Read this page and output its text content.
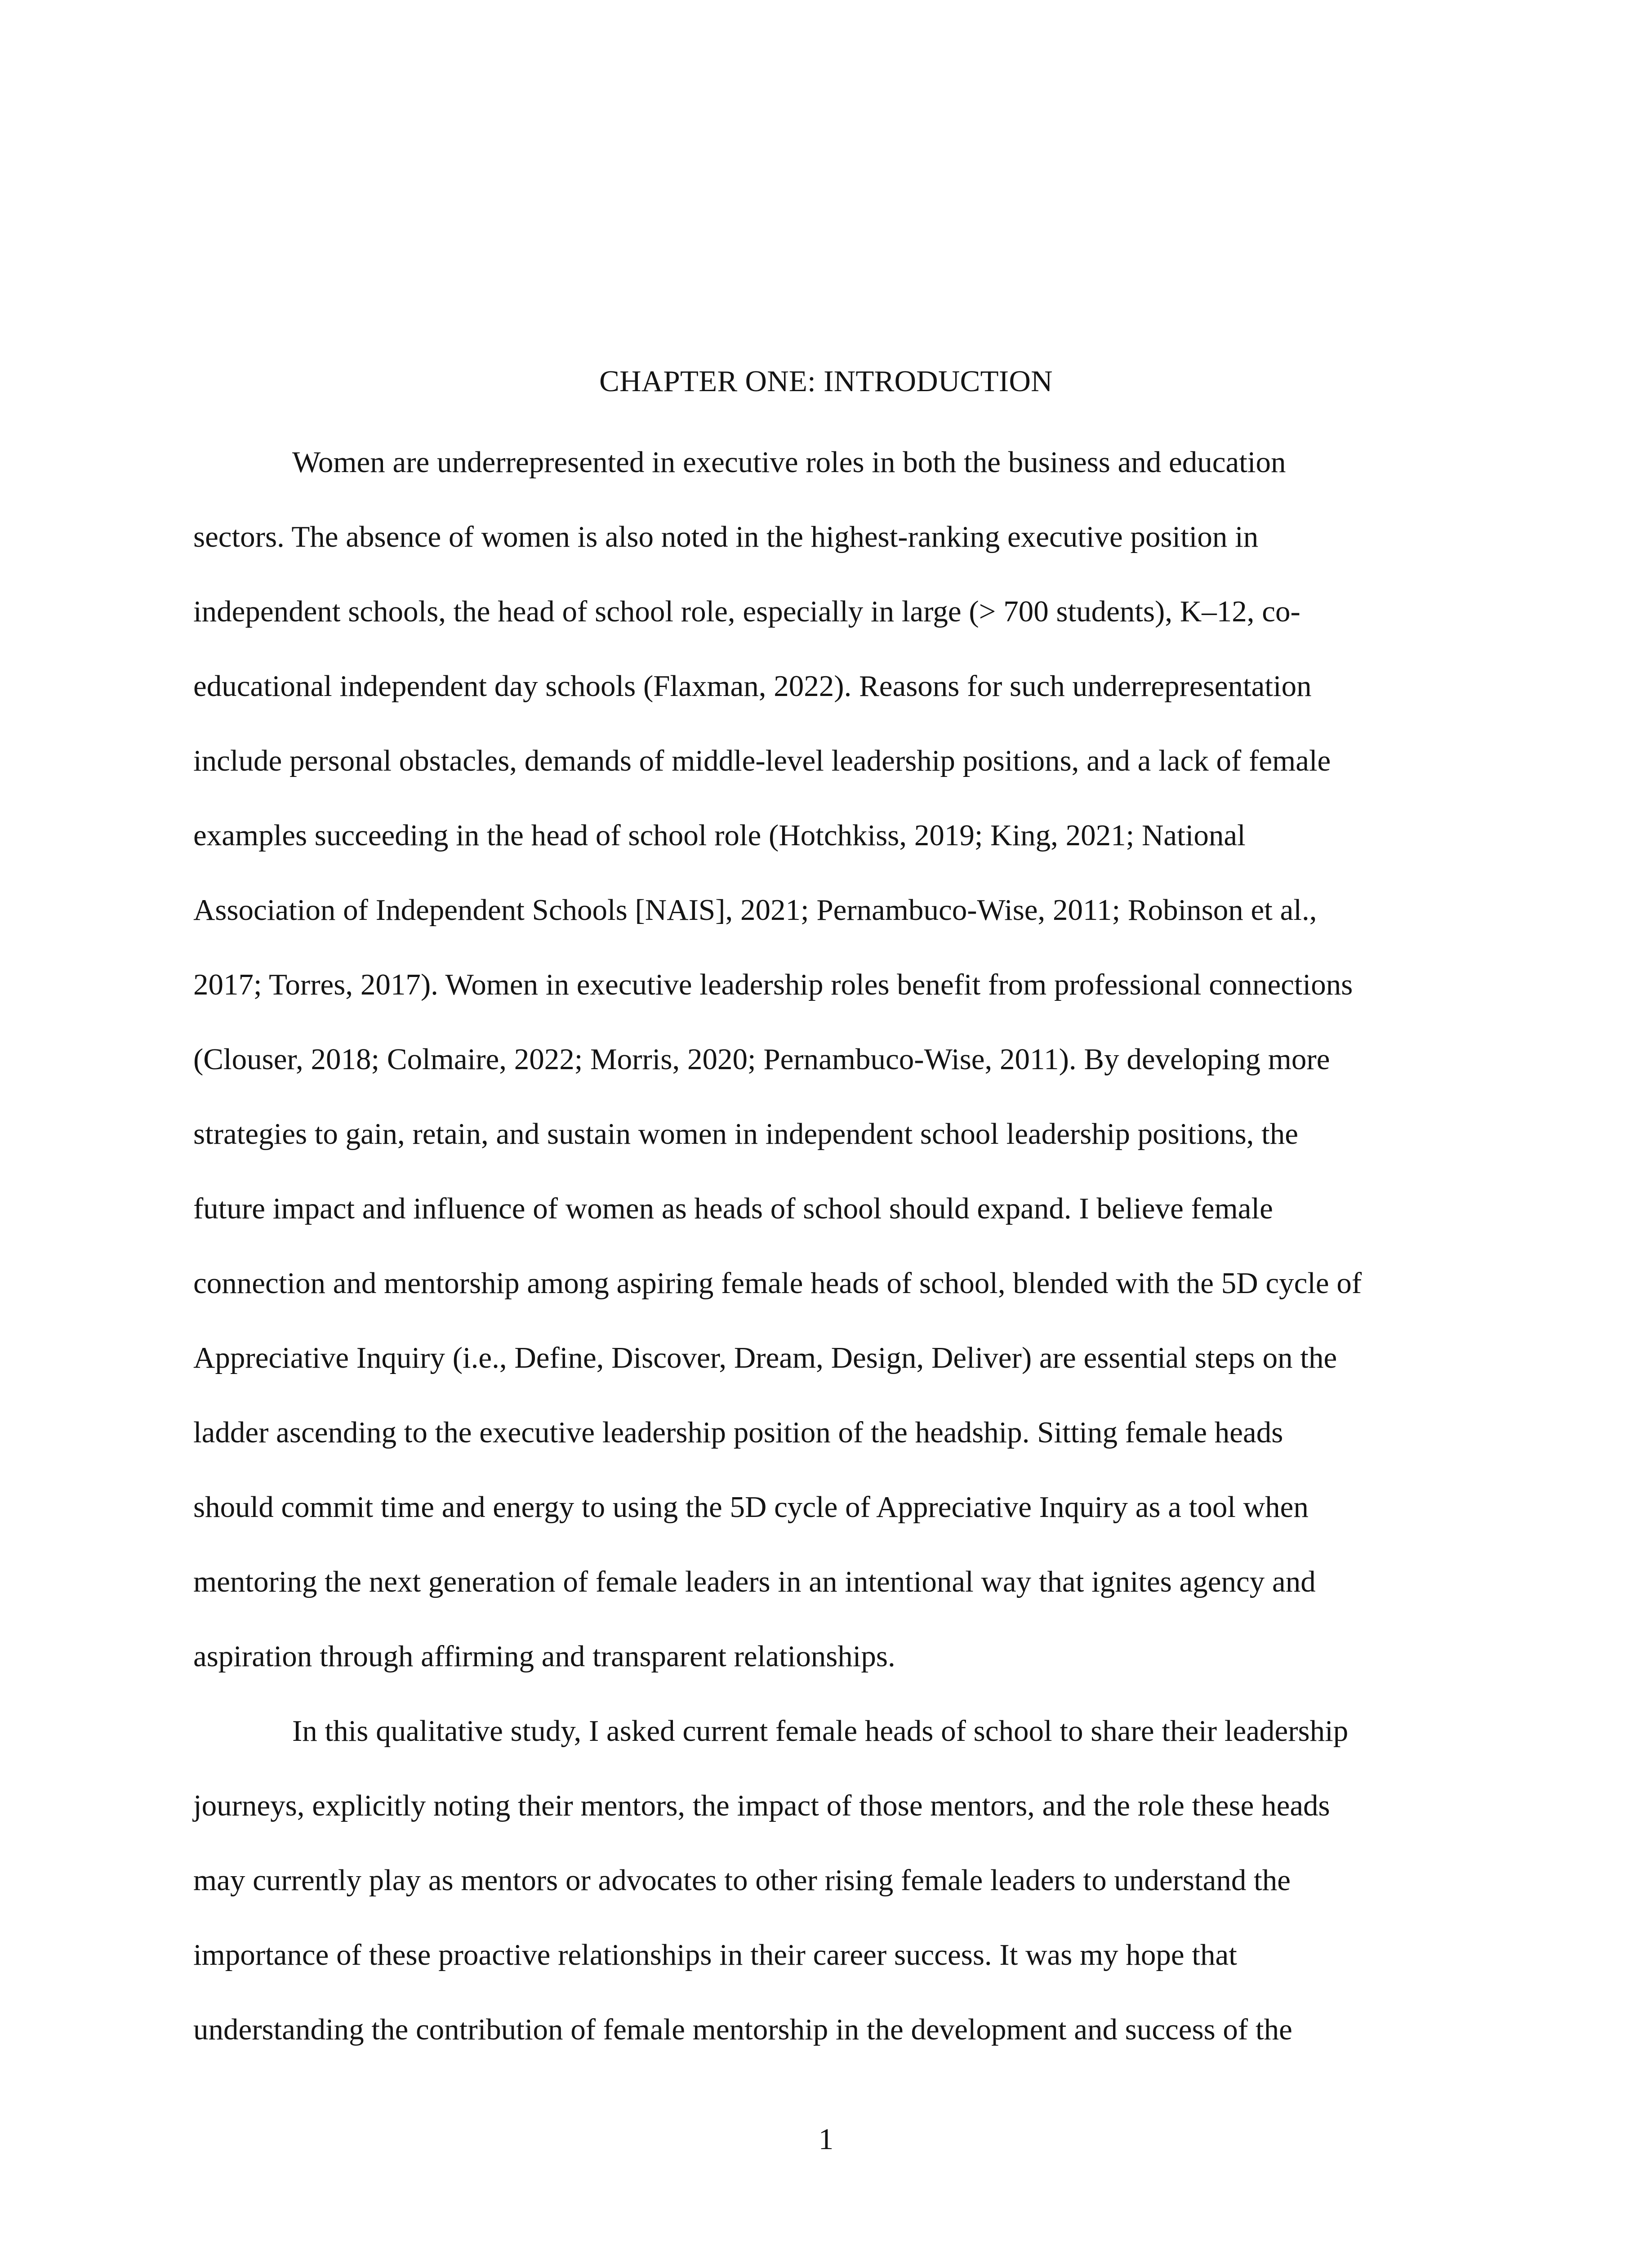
CHAPTER ONE: INTRODUCTION
Women are underrepresented in executive roles in both the business and education
sectors. The absence of women is also noted in the highest-ranking executive position in
independent schools, the head of school role, especially in large (> 700 students), K–12, co-
educational independent day schools (Flaxman, 2022). Reasons for such underrepresentation
include personal obstacles, demands of middle-level leadership positions, and a lack of female
examples succeeding in the head of school role (Hotchkiss, 2019; King, 2021; National
Association of Independent Schools [NAIS], 2021; Pernambuco-Wise, 2011; Robinson et al.,
2017; Torres, 2017). Women in executive leadership roles benefit from professional connections
(Clouser, 2018; Colmaire, 2022; Morris, 2020; Pernambuco-Wise, 2011). By developing more
strategies to gain, retain, and sustain women in independent school leadership positions, the
future impact and influence of women as heads of school should expand. I believe female
connection and mentorship among aspiring female heads of school, blended with the 5D cycle of
Appreciative Inquiry (i.e., Define, Discover, Dream, Design, Deliver) are essential steps on the
ladder ascending to the executive leadership position of the headship. Sitting female heads
should commit time and energy to using the 5D cycle of Appreciative Inquiry as a tool when
mentoring the next generation of female leaders in an intentional way that ignites agency and
aspiration through affirming and transparent relationships.
In this qualitative study, I asked current female heads of school to share their leadership
journeys, explicitly noting their mentors, the impact of those mentors, and the role these heads
may currently play as mentors or advocates to other rising female leaders to understand the
importance of these proactive relationships in their career success. It was my hope that
understanding the contribution of female mentorship in the development and success of the
1
